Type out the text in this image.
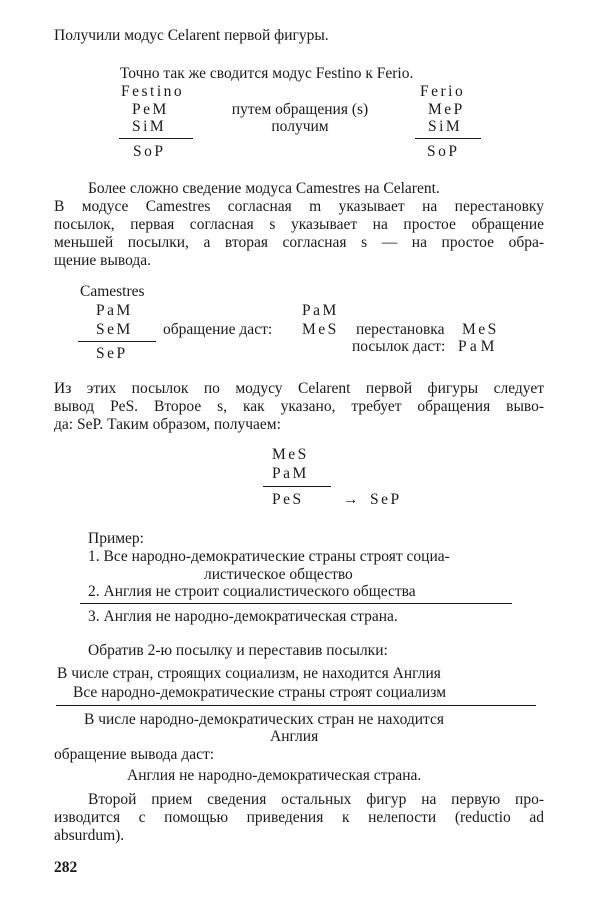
Получили модус Celarent первой фигуры.
Точно так же сводится модус Festino к Ferio.
Festino
PeM
SiM
SoP
путем обращения (s)
получим
Ferio
MeP
SiM
SoP
Более сложно сведение модуса Camestres на Celarent.
В модусе Camestres согласная m указывает на перестановку
посылок, первая согласная s указывает на простое обращение
меньшей посылки, а вторая согласная s — на простое обра-
щение вывода.
Camestres
PaM
SeM
SeP
обращение даст:
PaM
MeS перестановка MeS
посылок даст: P a M
Из этих посылок по модусу Celarent первой фигуры следует
вывод PeS. Второе s, как указано, требует обращения выво-
да: SeP. Таким образом, получаем:
MeS
PaM
PeS	→ SeP
Пример:
1. Все народно-демократические страны строят социа-
листическое общество
2. Англия не строит социалистического общества
3. Англия не народно-демократическая страна.
Обратив 2-ю посылку и переставив посылки:
В числе стран, строящих социализм, не находится Англия
Все народно-демократические страны строят социализм
В числе народно-демократических стран не находится
Англия
обращение вывода даст:
Англия не народно-демократическая страна.
Второй прием сведения остальных фигур на первую про-
изводится с помощью приведения к нелепости (reductio ad
absurdum).
282
